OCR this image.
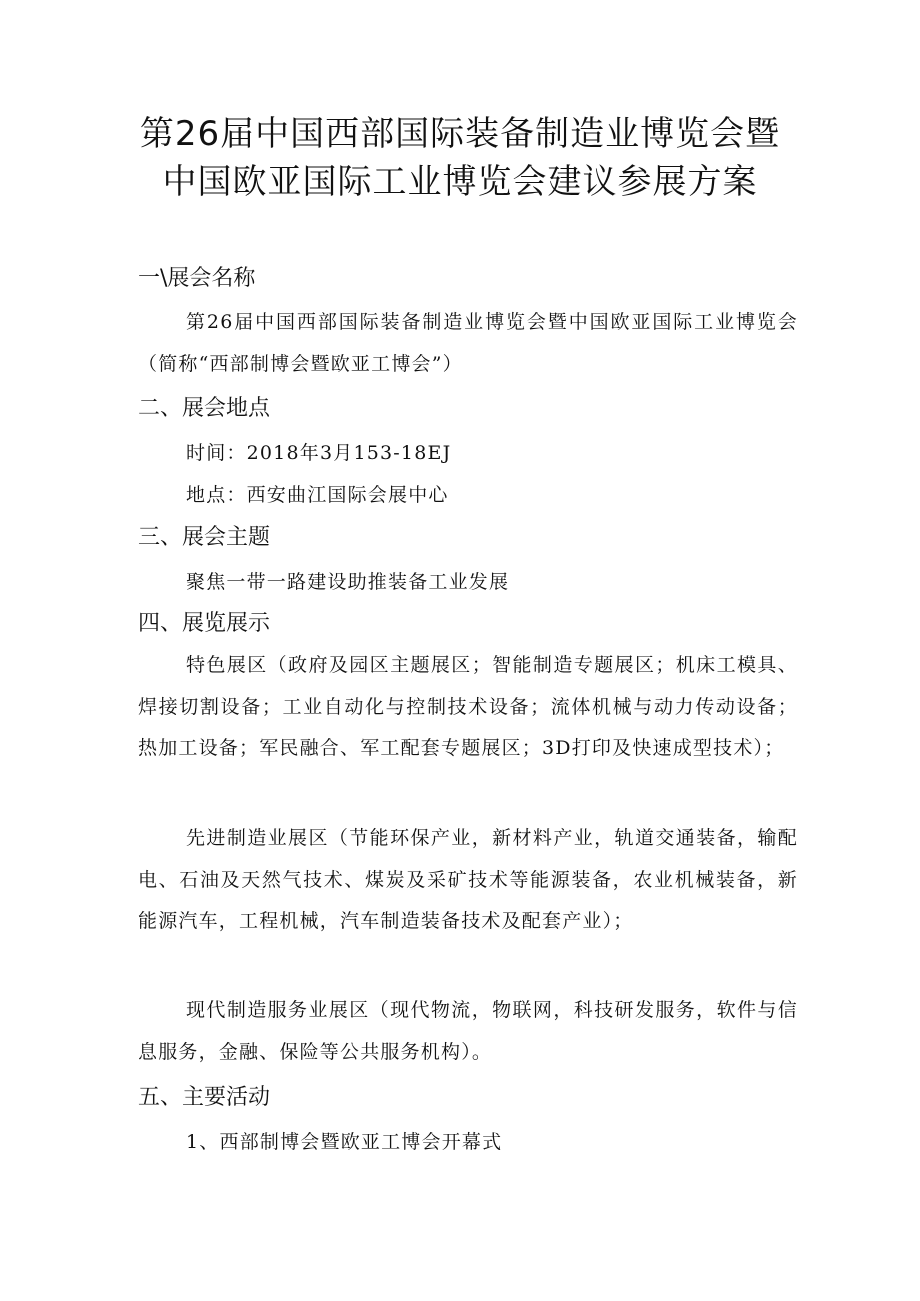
第26届中国西部国际装备制造业博览会暨
中国欧亚国际工业博览会建议参展方案
一\展会名称

第26届中国西部国际装备制造业博览会暨中国欧亚国际工业博览会（简称“西部制博会暨欧亚工博会”）

二、展会地点

时间：2018年3月153-18EJ

地点：西安曲江国际会展中心

三、展会主题

聚焦一带一路建设助推装备工业发展

四、展览展示

特色展区（政府及园区主题展区；智能制造专题展区；机床工模具、焊接切割设备；工业自动化与控制技术设备；流体机械与动力传动设备；热加工设备；军民融合、军工配套专题展区；3D打印及快速成型技术）；

先进制造业展区（节能环保产业，新材料产业，轨道交通装备，输配电、石油及天然气技术、煤炭及采矿技术等能源装备，农业机械装备，新能源汽车，工程机械，汽车制造装备技术及配套产业）；

现代制造服务业展区（现代物流，物联网，科技研发服务，软件与信息服务，金融、保险等公共服务机构）。

五、主要活动

1、西部制博会暨欧亚工博会开幕式
